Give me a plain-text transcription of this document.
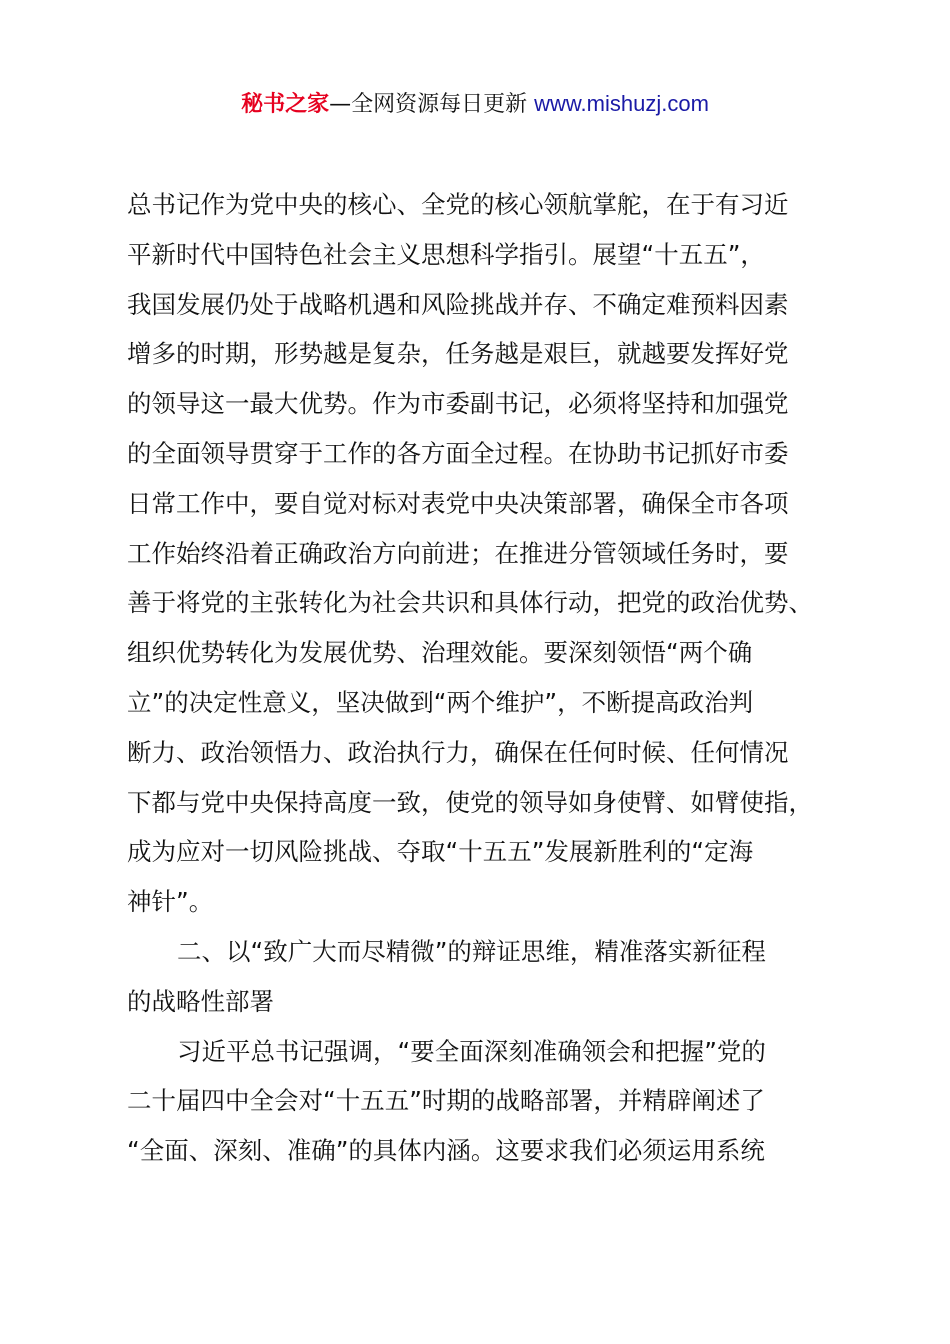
秘书之家—全网资源每日更新 www.mishuzj.com
总书记作为党中央的核心、全党的核心领航掌舵，在于有习近
平新时代中国特色社会主义思想科学指引。展望“十五五”，
我国发展仍处于战略机遇和风险挑战并存、不确定难预料因素
增多的时期，形势越是复杂，任务越是艰巨，就越要发挥好党
的领导这一最大优势。作为市委副书记，必须将坚持和加强党
的全面领导贯穿于工作的各方面全过程。在协助书记抓好市委
日常工作中，要自觉对标对表党中央决策部署，确保全市各项
工作始终沿着正确政治方向前进；在推进分管领域任务时，要
善于将党的主张转化为社会共识和具体行动，把党的政治优势、
组织优势转化为发展优势、治理效能。要深刻领悟“两个确
立”的决定性意义，坚决做到“两个维护”，不断提高政治判
断力、政治领悟力、政治执行力，确保在任何时候、任何情况
下都与党中央保持高度一致，使党的领导如身使臂、如臂使指，
成为应对一切风险挑战、夺取“十五五”发展新胜利的“定海
神针”。
二、以“致广大而尽精微”的辩证思维，精准落实新征程
的战略性部署
习近平总书记强调，“要全面深刻准确领会和把握”党的
二十届四中全会对“十五五”时期的战略部署，并精辟阐述了
“全面、深刻、准确”的具体内涵。这要求我们必须运用系统
